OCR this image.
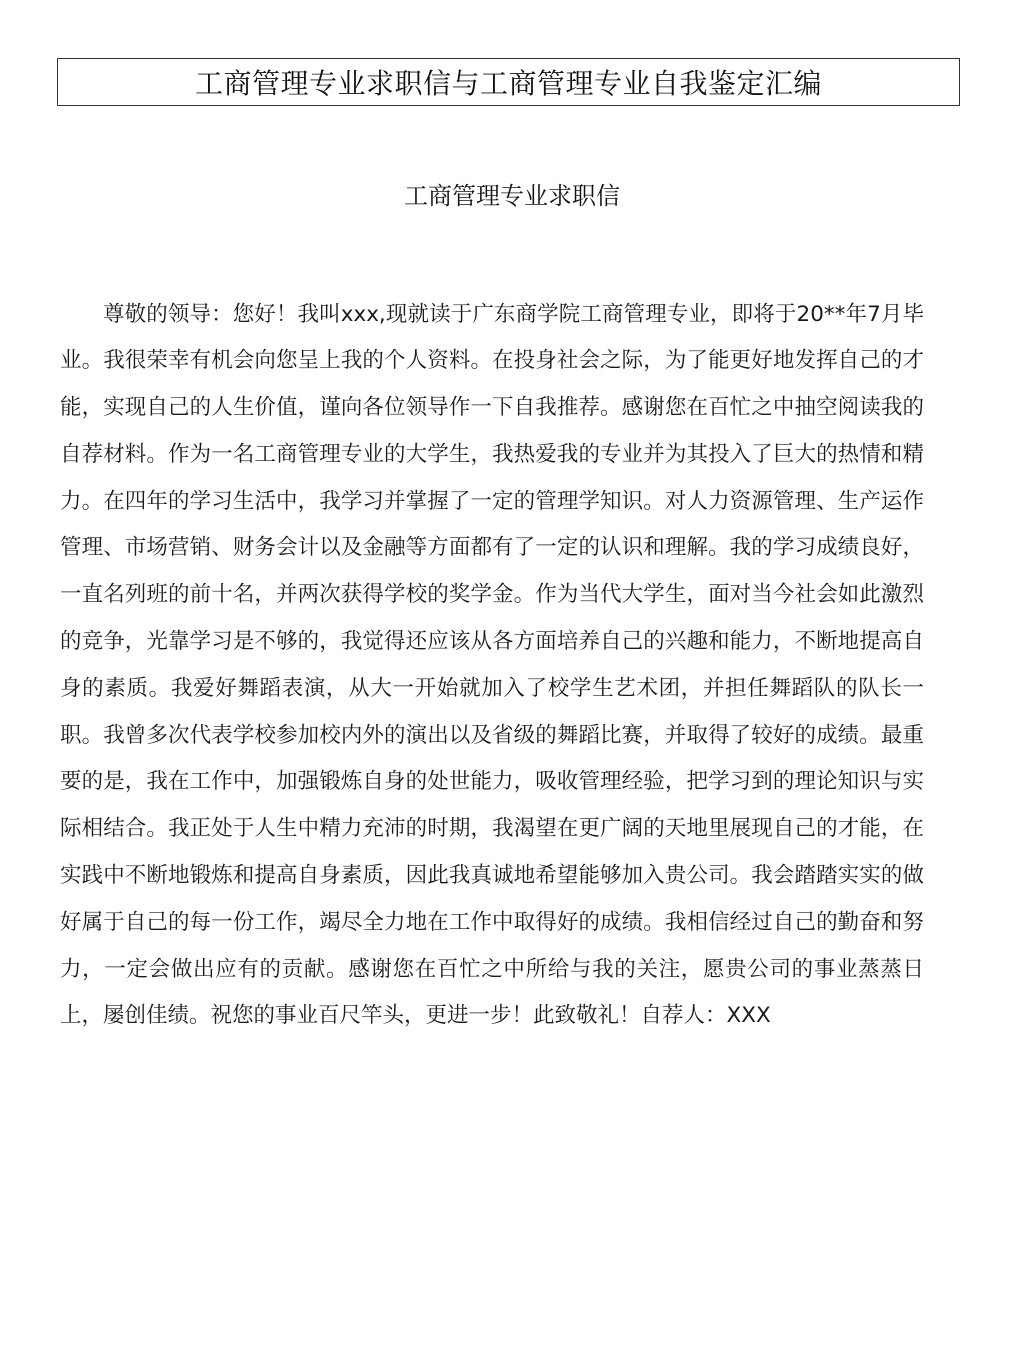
工商管理专业求职信与工商管理专业自我鉴定汇编
工商管理专业求职信

尊敬的领导：您好！我叫xxx,现就读于广东商学院工商管理专业，即将于20**年7月毕业。我很荣幸有机会向您呈上我的个人资料。在投身社会之际，为了能更好地发挥自己的才能，实现自己的人生价值，谨向各位领导作一下自我推荐。感谢您在百忙之中抽空阅读我的自荐材料。作为一名工商管理专业的大学生，我热爱我的专业并为其投入了巨大的热情和精力。在四年的学习生活中，我学习并掌握了一定的管理学知识。对人力资源管理、生产运作管理、市场营销、财务会计以及金融等方面都有了一定的认识和理解。我的学习成绩良好，一直名列班的前十名，并两次获得学校的奖学金。作为当代大学生，面对当今社会如此激烈的竞争，光靠学习是不够的，我觉得还应该从各方面培养自己的兴趣和能力，不断地提高自身的素质。我爱好舞蹈表演，从大一开始就加入了校学生艺术团，并担任舞蹈队的队长一职。我曾多次代表学校参加校内外的演出以及省级的舞蹈比赛，并取得了较好的成绩。最重要的是，我在工作中，加强锻炼自身的处世能力，吸收管理经验，把学习到的理论知识与实际相结合。我正处于人生中精力充沛的时期，我渴望在更广阔的天地里展现自己的才能，在实践中不断地锻炼和提高自身素质，因此我真诚地希望能够加入贵公司。我会踏踏实实的做好属于自己的每一份工作，竭尽全力地在工作中取得好的成绩。我相信经过自己的勤奋和努力，一定会做出应有的贡献。感谢您在百忙之中所给与我的关注，愿贵公司的事业蒸蒸日上，屡创佳绩。祝您的事业百尺竿头，更进一步！此致敬礼！自荐人：XXX
